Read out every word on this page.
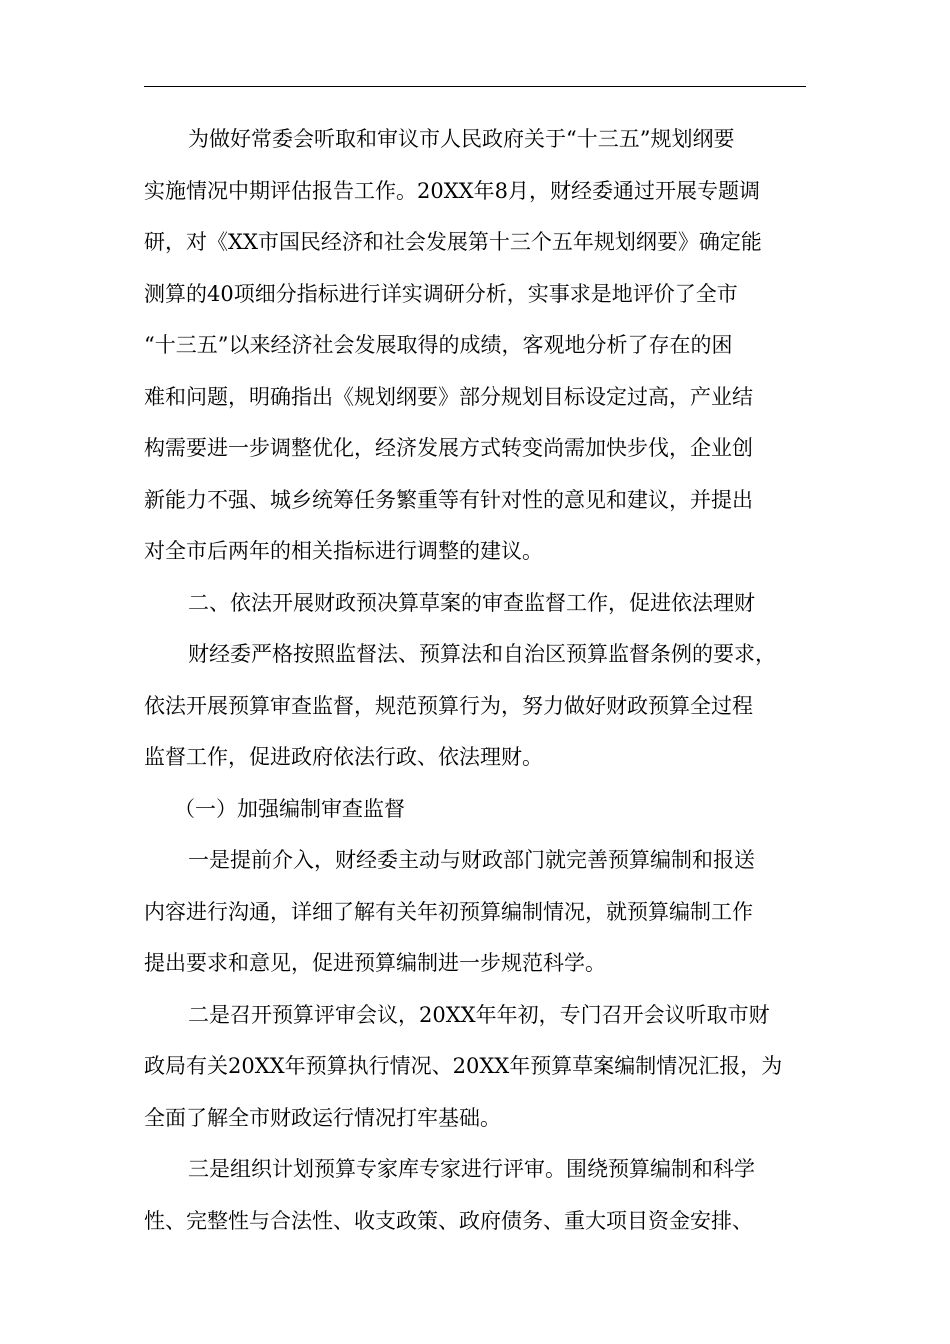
为做好常委会听取和审议市人民政府关于“十三五”规划纲要

实施情况中期评估报告工作。20XX年8月，财经委通过开展专题调

研，对《XX市国民经济和社会发展第十三个五年规划纲要》确定能

测算的40项细分指标进行详实调研分析，实事求是地评价了全市

“十三五”以来经济社会发展取得的成绩，客观地分析了存在的困

难和问题，明确指出《规划纲要》部分规划目标设定过高，产业结

构需要进一步调整优化，经济发展方式转变尚需加快步伐，企业创

新能力不强、城乡统筹任务繁重等有针对性的意见和建议，并提出

对全市后两年的相关指标进行调整的建议。

二、依法开展财政预决算草案的审查监督工作，促进依法理财

财经委严格按照监督法、预算法和自治区预算监督条例的要求，

依法开展预算审查监督，规范预算行为，努力做好财政预算全过程

监督工作，促进政府依法行政、依法理财。

（一）加强编制审查监督

一是提前介入，财经委主动与财政部门就完善预算编制和报送

内容进行沟通，详细了解有关年初预算编制情况，就预算编制工作

提出要求和意见，促进预算编制进一步规范科学。

二是召开预算评审会议，20XX年年初，专门召开会议听取市财

政局有关20XX年预算执行情况、20XX年预算草案编制情况汇报，为

全面了解全市财政运行情况打牢基础。

三是组织计划预算专家库专家进行评审。围绕预算编制和科学

性、完整性与合法性、收支政策、政府债务、重大项目资金安排、
